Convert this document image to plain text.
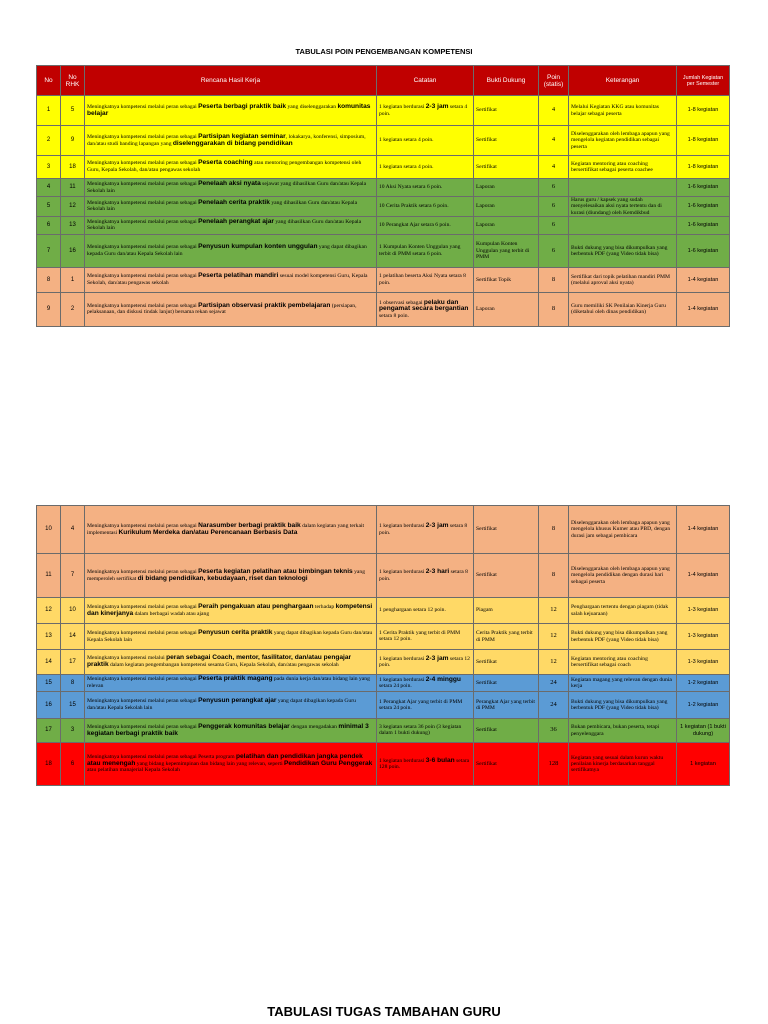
TABULASI POIN PENGEMBANGAN KOMPETENSI
No	No RHK	Rencana Hasil Kerja	Catatan	Bukti Dukung	Poin (statis)	Keterangan	Jumlah Kegiatan per Semester
1	5	Meningkatnya kompetensi melalui peran sebagai Peserta berbagi praktik baik yang diselenggarakan komunitas belajar	1 kegiatan berdurasi 2-3 jam setara 4 poin.	Sertifikat	4	Melalui Kegiatan KKG atau komunitas belajar sebagai peserta	1-8 kegiatan
2	9	Meningkatnya kompetensi melalui peran sebagai Partisipan kegiatan seminar, lokakarya, konferensi, simposium, dan/atau studi banding lapangan yang diselenggarakan di bidang pendidikan	1 kegiatan setara 4 poin.	Sertifikat	4	Diselenggarakan oleh lembaga apapun yang mengelola kegiatan pendidikan sebagai peserta	1-8 kegiatan
3	18	Meningkatnya kompetensi melalui peran sebagai Peserta coaching atau mentoring pengembangan kompetensi oleh Guru, Kepala Sekolah, dan/atau pengawas sekolah	1 kegiatan setara 4 poin.	Sertifikat	4	Kegiatan mentoring atau coaching bersertifikat sebagai peserta coachee	1-8 kegiatan
4	11	Meningkatnya kompetensi melalui peran sebagai Penelaah aksi nyata sejawat yang dihasilkan Guru dan/atau Kepala Sekolah lain	10 Aksi Nyata setara 6 poin.	Laporan	6		1-6 kegiatan
5	12	Meningkatnya kompetensi melalui peran sebagai Penelaah cerita praktik yang dihasilkan Guru dan/atau Kepala Sekolah lain	10 Cerita Praktik setara 6 poin.	Laporan	6	Harus guru / kapsek yang sudah menyelesaikan aksi nyata tertentu dan di kurasi (diundang) oleh Kemdikbud	1-6 kegiatan
6	13	Meningkatnya kompetensi melalui peran sebagai Penelaah perangkat ajar yang dihasilkan Guru dan/atau Kepala Sekolah lain	10 Perangkat Ajar setara 6 poin.	Laporan	6		1-6 kegiatan
7	16	Meningkatnya kompetensi melalui peran sebagai Penyusun kumpulan konten unggulan yang dapat dibagikan kepada Guru dan/atau Kepala Sekolah lain	1 Kumpulan Konten Unggulan yang terbit di PMM setara 6 poin.	Kumpulan Konten Unggulan yang terbit di PMM	6	Bukti dukung yang bisa dikumpulkan yang berbentuk PDF (yang Video tidak bisa)	1-6 kegiatan
8	1	Meningkatnya kompetensi melalui peran sebagai Peserta pelatihan mandiri sesuai model kompetensi Guru, Kepala Sekolah, dan/atau pengawas sekolah	1 pelatihan beserta Aksi Nyata setara 8 poin.	Sertifikat Topik	8	Sertifikat dari topik pelatihan mandiri PMM (melalui aproval aksi nyata)	1-4 kegiatan
9	2	Meningkatnya kompetensi melalui peran sebagai Partisipan observasi praktik pembelajaran (persiapan, pelaksanaan, dan diskusi tindak lanjut) bersama rekan sejawat	1 observasi sebagai pelaku dan pengamat secara bergantian setara 8 poin.	Laporan	8	Guru memiliki SK Penilaian Kinerja Guru (diketahui oleh dinas pendidikan)	1-4 kegiatan
10	4	Meningkatnya kompetensi melalui peran sebagai Narasumber berbagi praktik baik dalam kegiatan yang terkait implementasi Kurikulum Merdeka dan/atau Perencanaan Berbasis Data	1 kegiatan berdurasi 2-3 jam setara 8 poin.	Sertifikat	8	Diselenggarakan oleh lembaga apapun yang mengelola khusus Kumer atau PBD, dengan durasi jam sebagai pembicara	1-4 kegiatan
11	7	Meningkatnya kompetensi melalui peran sebagai Peserta kegiatan pelatihan atau bimbingan teknis yang memperoleh sertifikat di bidang pendidikan, kebudayaan, riset dan teknologi	1 kegiatan berdurasi 2-3 hari setara 8 poin.	Sertifikat	8	Diselenggarakan oleh lembaga apapun yang mengelola pendidikan dengan durasi hari sebagai peserta	1-4 kegiatan
12	10	Meningkatnya kompetensi melalui peran sebagai Peraih pengakuan atau penghargaan terhadap kompetensi dan kinerjanya dalam berbagai wadah atau ajang	1 penghargaan setara 12 poin.	Piagam	12	Penghargaan tertentu dengan piagam (tidak salah kejuaraan)	1-3 kegiatan
13	14	Meningkatnya kompetensi melalui peran sebagai Penyusun cerita praktik yang dapat dibagikan kepada Guru dan/atau Kepala Sekolah lain	1 Cerita Praktik yang terbit di PMM setara 12 poin.	Cerita Praktik yang terbit di PMM	12	Bukti dukung yang bisa dikumpulkan yang berbentuk PDF (yang Video tidak bisa)	1-3 kegiatan
14	17	Meningkatnya kompetensi melalui peran sebagai Coach, mentor, fasilitator, dan/atau pengajar praktik dalam kegiatan pengembangan kompetensi sesama Guru, Kepala Sekolah, dan/atau pengawas sekolah	1 kegiatan berdurasi 2-3 jam setara 12 poin.	Sertifikat	12	Kegiatan mentoring atau coaching bersertifikat sebagai coach	1-3 kegiatan
15	8	Meningkatnya kompetensi melalui peran sebagai Peserta praktik magang pada dunia kerja dan/atau bidang lain yang relevan	1 kegiatan berdurasi 2-4 minggu setara 24 poin.	Sertifikat	24	Kegiatan magang yang relevan dengan dunia kerja	1-2 kegiatan
16	15	Meningkatnya kompetensi melalui peran sebagai Penyusun perangkat ajar yang dapat dibagikan kepada Guru dan/atau Kepala Sekolah lain	1 Perangkat Ajar yang terbit di PMM setara 24 poin.	Perangkat Ajar yang terbit di PMM	24	Bukti dukung yang bisa dikumpulkan yang berbentuk PDF (yang Video tidak bisa)	1-2 kegiatan
17	3	Meningkatnya kompetensi melalui peran sebagai Penggerak komunitas belajar dengan mengadakan minimal 3 kegiatan berbagi praktik baik	3 kegiatan setara 36 poin (3 kegiatan dalam 1 bukti dukung)	Sertifikat	36	Bukan pembicara, bukan peserta, tetapi penyelenggara	1 kegiatan (1 bukti dukung)
18	6	Meningkatnya kompetensi melalui peran sebagai Peserta program pelatihan dan pendidikan jangka pendek atau menengah yang bidang kepemimpinan dan bidang lain yang relevan, seperti Pendidikan Guru Penggerak atau pelatihan manajerial Kepala Sekolah	1 kegiatan berdurasi 3-6 bulan setara 128 poin.	Sertifikat	128	Kegiatan yang sesuai dalam kurun waktu penilaian kinerja berdasarkan tanggal sertifikatnya	1 kegiatan
TABULASI TUGAS TAMBAHAN GURU
